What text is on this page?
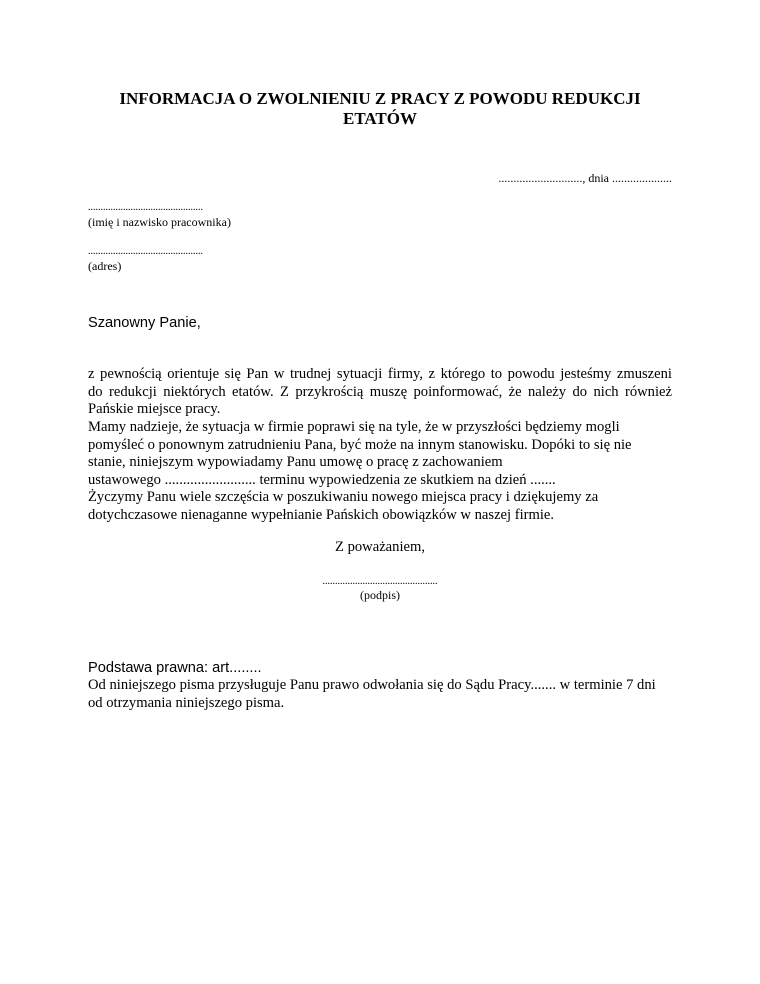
INFORMACJA O ZWOLNIENIU Z PRACY Z POWODU REDUKCJI
ETATÓW
............................, dnia ....................
..............................................
(imię i nazwisko pracownika)
..............................................
(adres)
Szanowny Panie,
z pewnością orientuje się Pan w trudnej sytuacji firmy, z którego to powodu jesteśmy zmuszeni
do redukcji niektórych etatów. Z przykrością muszę poinformować, że należy do nich również
Pańskie miejsce pracy.
Mamy nadzieje, że sytuacja w firmie poprawi się na tyle, że w przyszłości będziemy mogli
pomyśleć o ponownym zatrudnieniu Pana, być może na innym stanowisku. Dopóki to się nie
stanie, niniejszym wypowiadamy Panu umowę o pracę z zachowaniem
ustawowego ......................... terminu wypowiedzenia ze skutkiem na dzień .......
Życzymy Panu wiele szczęścia w poszukiwaniu nowego miejsca pracy i dziękujemy za
dotychczasowe nienaganne wypełnianie Pańskich obowiązków w naszej firmie.
Z poważaniem,
..............................................
(podpis)
Podstawa prawna: art........
Od niniejszego pisma przysługuje Panu prawo odwołania się do Sądu Pracy....... w terminie 7 dni
od otrzymania niniejszego pisma.
